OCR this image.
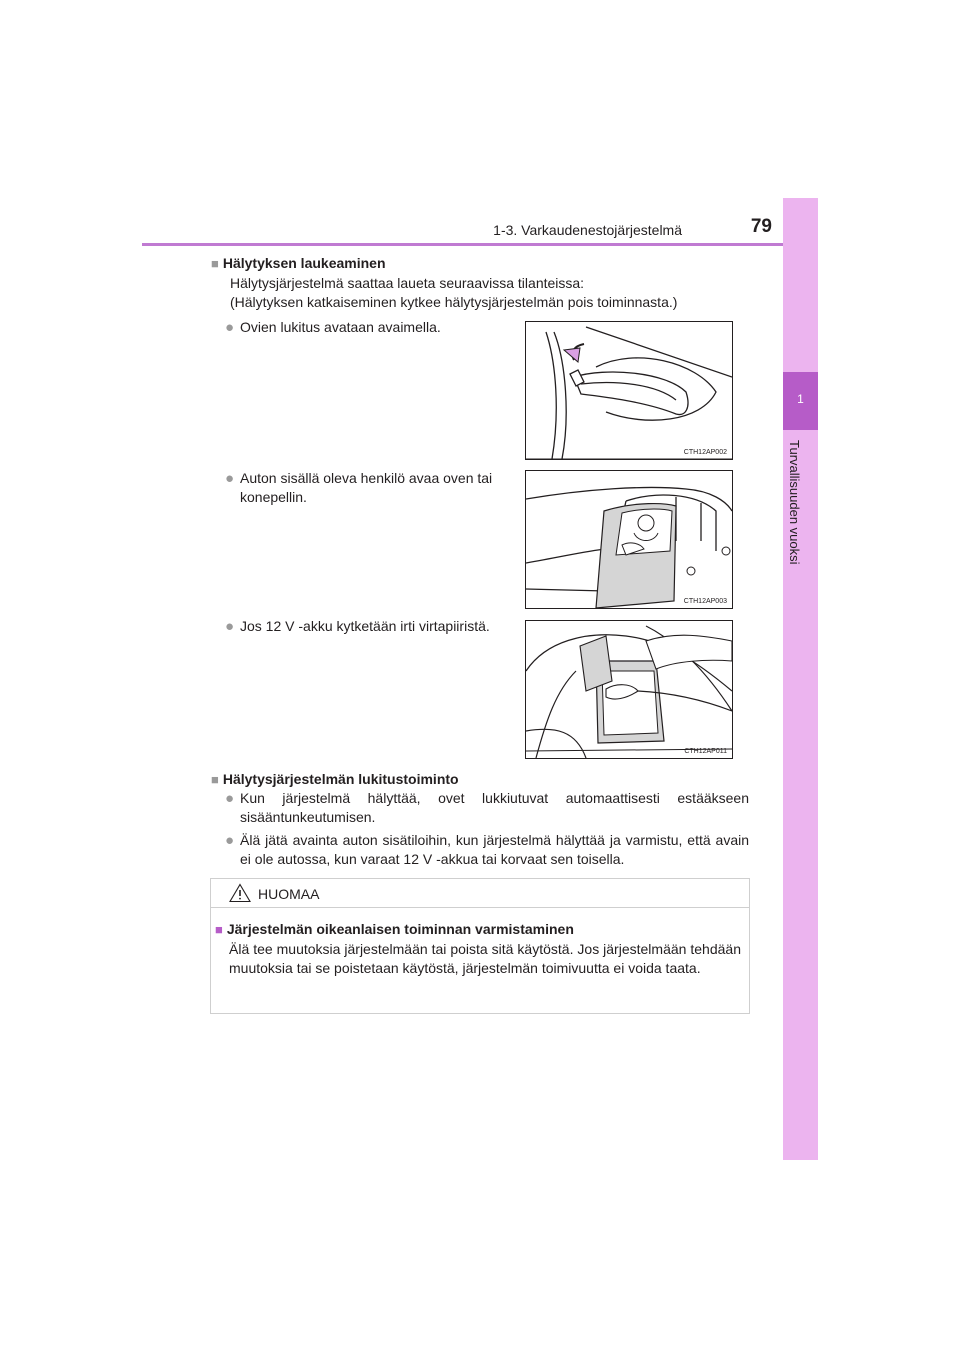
1-3. Varkaudenestojärjestelmä	79
1
Turvallisuuden vuoksi
■ Hälytyksen laukeaminen
Hälytysjärjestelmä saattaa laueta seuraavissa tilanteissa:
(Hälytyksen katkaiseminen kytkee hälytysjärjestelmän pois toiminnasta.)
● Ovien lukitus avataan avaimella.
CTH12AP002
● Auton sisällä oleva henkilö avaa oven tai konepellin.
CTH12AP003
● Jos 12 V -akku kytketään irti virtapiiristä.
CTH12AP011
■ Hälytysjärjestelmän lukitustoiminto
● Kun järjestelmä hälyttää, ovet lukkiutuvat automaattisesti estääkseen sisääntunkeutumisen.
● Älä jätä avainta auton sisätiloihin, kun järjestelmä hälyttää ja varmistu, että avain ei ole autossa, kun varaat 12 V -akkua tai korvaat sen toisella.
HUOMAA
■ Järjestelmän oikeanlaisen toiminnan varmistaminen
Älä tee muutoksia järjestelmään tai poista sitä käytöstä. Jos järjestelmään tehdään muutoksia tai se poistetaan käytöstä, järjestelmän toimivuutta ei voida taata.
